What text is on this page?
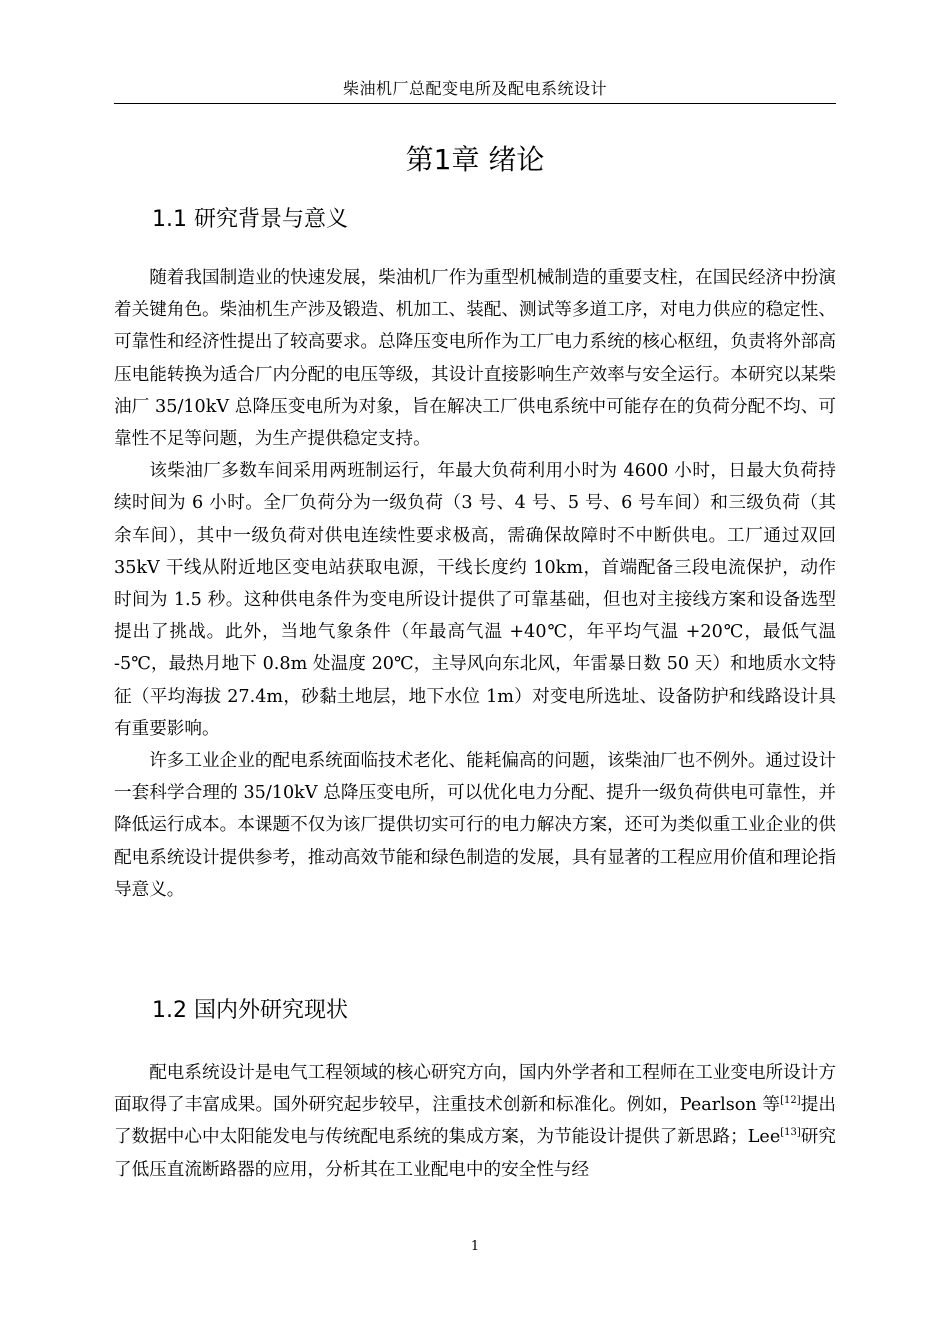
柴油机厂总配变电所及配电系统设计
第1章 绪论
1.1 研究背景与意义

随着我国制造业的快速发展，柴油机厂作为重型机械制造的重要支柱，在国民经济中扮演着关键角色。柴油机生产涉及锻造、机加工、装配、测试等多道工序，对电力供应的稳定性、可靠性和经济性提出了较高要求。总降压变电所作为工厂电力系统的核心枢纽，负责将外部高压电能转换为适合厂内分配的电压等级，其设计直接影响生产效率与安全运行。本研究以某柴油厂 35/10kV 总降压变电所为对象，旨在解决工厂供电系统中可能存在的负荷分配不均、可靠性不足等问题，为生产提供稳定支持。

该柴油厂多数车间采用两班制运行，年最大负荷利用小时为 4600 小时，日最大负荷持续时间为 6 小时。全厂负荷分为一级负荷（3 号、4 号、5 号、6 号车间）和三级负荷（其余车间），其中一级负荷对供电连续性要求极高，需确保故障时不中断供电。工厂通过双回 35kV 干线从附近地区变电站获取电源，干线长度约 10km，首端配备三段电流保护，动作时间为 1.5 秒。这种供电条件为变电所设计提供了可靠基础，但也对主接线方案和设备选型提出了挑战。此外，当地气象条件（年最高气温 +40℃，年平均气温 +20℃，最低气温 -5℃，最热月地下 0.8m 处温度 20℃，主导风向东北风，年雷暴日数 50 天）和地质水文特征（平均海拔 27.4m，砂黏土地层，地下水位 1m）对变电所选址、设备防护和线路设计具有重要影响。

许多工业企业的配电系统面临技术老化、能耗偏高的问题，该柴油厂也不例外。通过设计一套科学合理的 35/10kV 总降压变电所，可以优化电力分配、提升一级负荷供电可靠性，并降低运行成本。本课题不仅为该厂提供切实可行的电力解决方案，还可为类似重工业企业的供配电系统设计提供参考，推动高效节能和绿色制造的发展，具有显著的工程应用价值和理论指导意义。

1.2 国内外研究现状

配电系统设计是电气工程领域的核心研究方向，国内外学者和工程师在工业变电所设计方面取得了丰富成果。国外研究起步较早，注重技术创新和标准化。例如，Pearlson 等[12]提出了数据中心中太阳能发电与传统配电系统的集成方案，为节能设计提供了新思路；Lee[13]研究了低压直流断路器的应用，分析其在工业配电中的安全性与经

1
